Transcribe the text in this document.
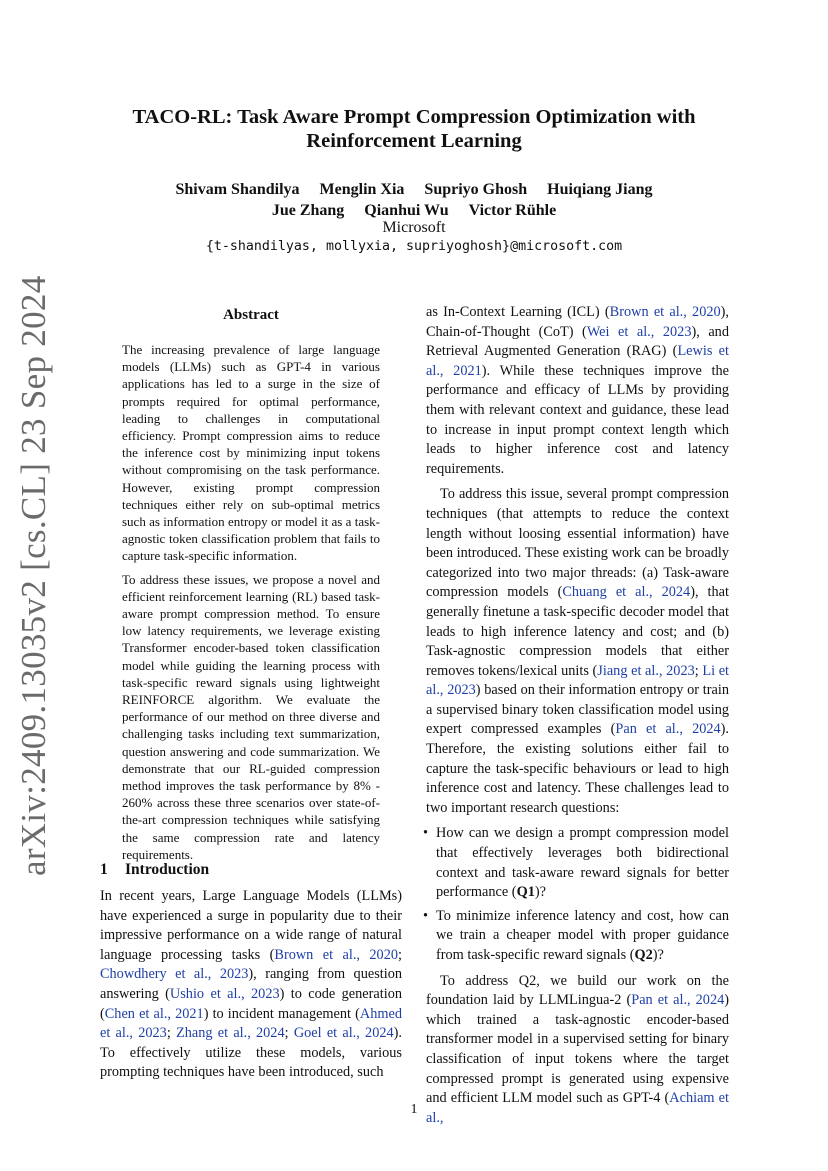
arXiv:2409.13035v2 [cs.CL] 23 Sep 2024
TACO-RL: Task Aware Prompt Compression Optimization with
Reinforcement Learning
Shivam Shandilya Menglin Xia Supriyo Ghosh Huiqiang Jiang
Jue Zhang Qianhui Wu Victor Rühle
Microsoft
{t-shandilyas, mollyxia, supriyoghosh}@microsoft.com
Abstract

The increasing prevalence of large language models (LLMs) such as GPT-4 in various applications has led to a surge in the size of prompts required for optimal performance, leading to challenges in computational efficiency. Prompt compression aims to reduce the inference cost by minimizing input tokens without compromising on the task performance. However, existing prompt compression techniques either rely on sub-optimal metrics such as information entropy or model it as a task-agnostic token classification problem that fails to capture task-specific information.

To address these issues, we propose a novel and efficient reinforcement learning (RL) based task-aware prompt compression method. To ensure low latency requirements, we leverage existing Transformer encoder-based token classification model while guiding the learning process with task-specific reward signals using lightweight REINFORCE algorithm. We evaluate the performance of our method on three diverse and challenging tasks including text summarization, question answering and code summarization. We demonstrate that our RL-guided compression method improves the task performance by 8% - 260% across these three scenarios over state-of-the-art compression techniques while satisfying the same compression rate and latency requirements.

1 Introduction

In recent years, Large Language Models (LLMs) have experienced a surge in popularity due to their impressive performance on a wide range of natural language processing tasks (Brown et al., 2020; Chowdhery et al., 2023), ranging from question answering (Ushio et al., 2023) to code generation (Chen et al., 2021) to incident management (Ahmed et al., 2023; Zhang et al., 2024; Goel et al., 2024). To effectively utilize these models, various prompting techniques have been introduced, such

as In-Context Learning (ICL) (Brown et al., 2020), Chain-of-Thought (CoT) (Wei et al., 2023), and Retrieval Augmented Generation (RAG) (Lewis et al., 2021). While these techniques improve the performance and efficacy of LLMs by providing them with relevant context and guidance, these lead to increase in input prompt context length which leads to higher inference cost and latency requirements.

To address this issue, several prompt compression techniques (that attempts to reduce the context length without loosing essential information) have been introduced. These existing work can be broadly categorized into two major threads: (a) Task-aware compression models (Chuang et al., 2024), that generally finetune a task-specific decoder model that leads to high inference latency and cost; and (b) Task-agnostic compression models that either removes tokens/lexical units (Jiang et al., 2023; Li et al., 2023) based on their information entropy or train a supervised binary token classification model using expert compressed examples (Pan et al., 2024). Therefore, the existing solutions either fail to capture the task-specific behaviours or lead to high inference cost and latency. These challenges lead to two important research questions:

• How can we design a prompt compression model that effectively leverages both bidirectional context and task-aware reward signals for better performance (Q1)?
• To minimize inference latency and cost, how can we train a cheaper model with proper guidance from task-specific reward signals (Q2)?

To address Q2, we build our work on the foundation laid by LLMLingua-2 (Pan et al., 2024) which trained a task-agnostic encoder-based transformer model in a supervised setting for binary classification of input tokens where the target compressed prompt is generated using expensive and efficient LLM model such as GPT-4 (Achiam et al.,

1
